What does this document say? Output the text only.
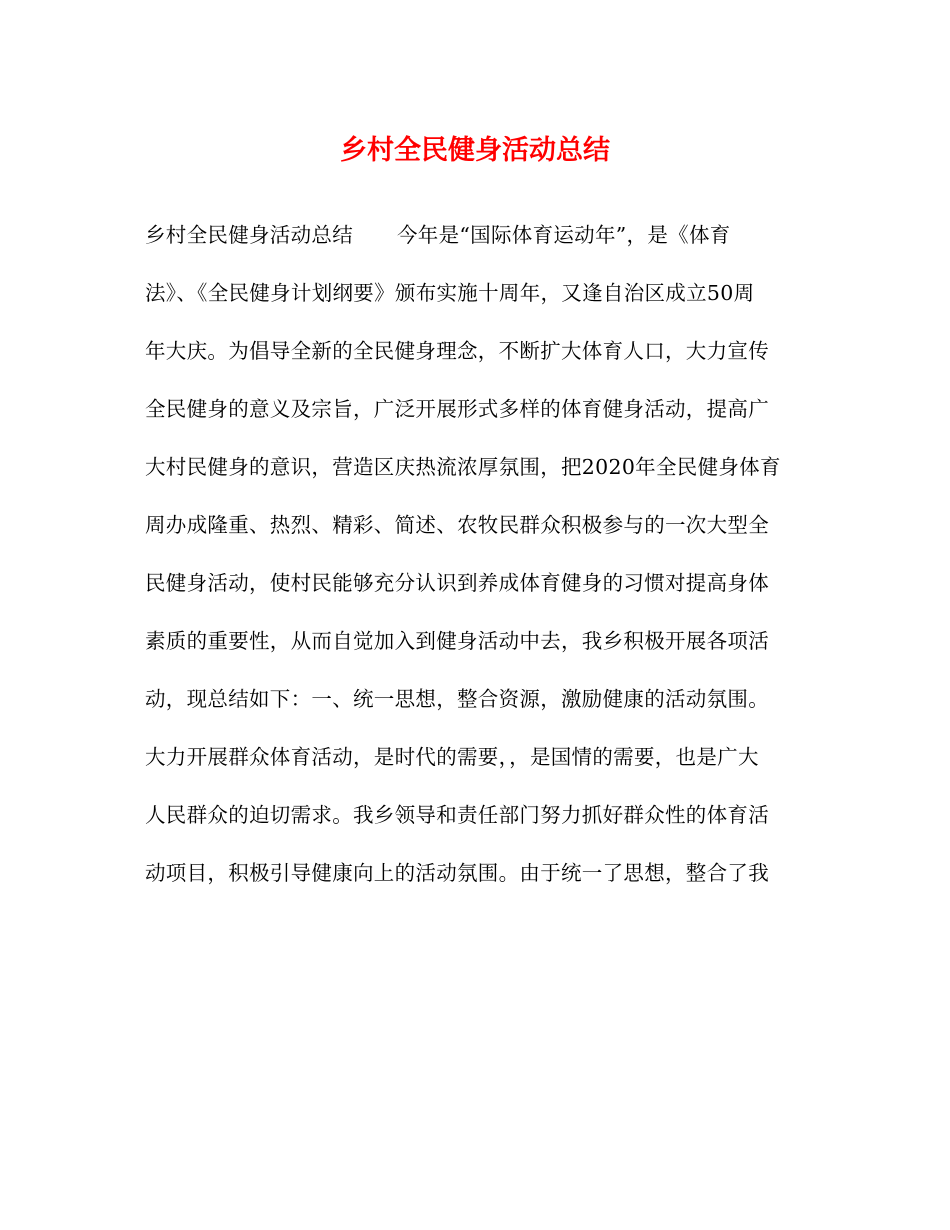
乡村全民健身活动总结
乡村全民健身活动总结 今年是“国际体育运动年”，是《体育
法》、《全民健身计划纲要》颁布实施十周年，又逢自治区成立50周
年大庆。为倡导全新的全民健身理念，不断扩大体育人口，大力宣传
全民健身的意义及宗旨，广泛开展形式多样的体育健身活动，提高广
大村民健身的意识，营造区庆热流浓厚氛围，把2020年全民健身体育
周办成隆重、热烈、精彩、简述、农牧民群众积极参与的一次大型全
民健身活动，使村民能够充分认识到养成体育健身的习惯对提高身体
素质的重要性，从而自觉加入到健身活动中去，我乡积极开展各项活
动，现总结如下：一、统一思想，整合资源，激励健康的活动氛围。
大力开展群众体育活动，是时代的需要，，是国情的需要，也是广大
人民群众的迫切需求。我乡领导和责任部门努力抓好群众性的体育活
动项目，积极引导健康向上的活动氛围。由于统一了思想，整合了我
